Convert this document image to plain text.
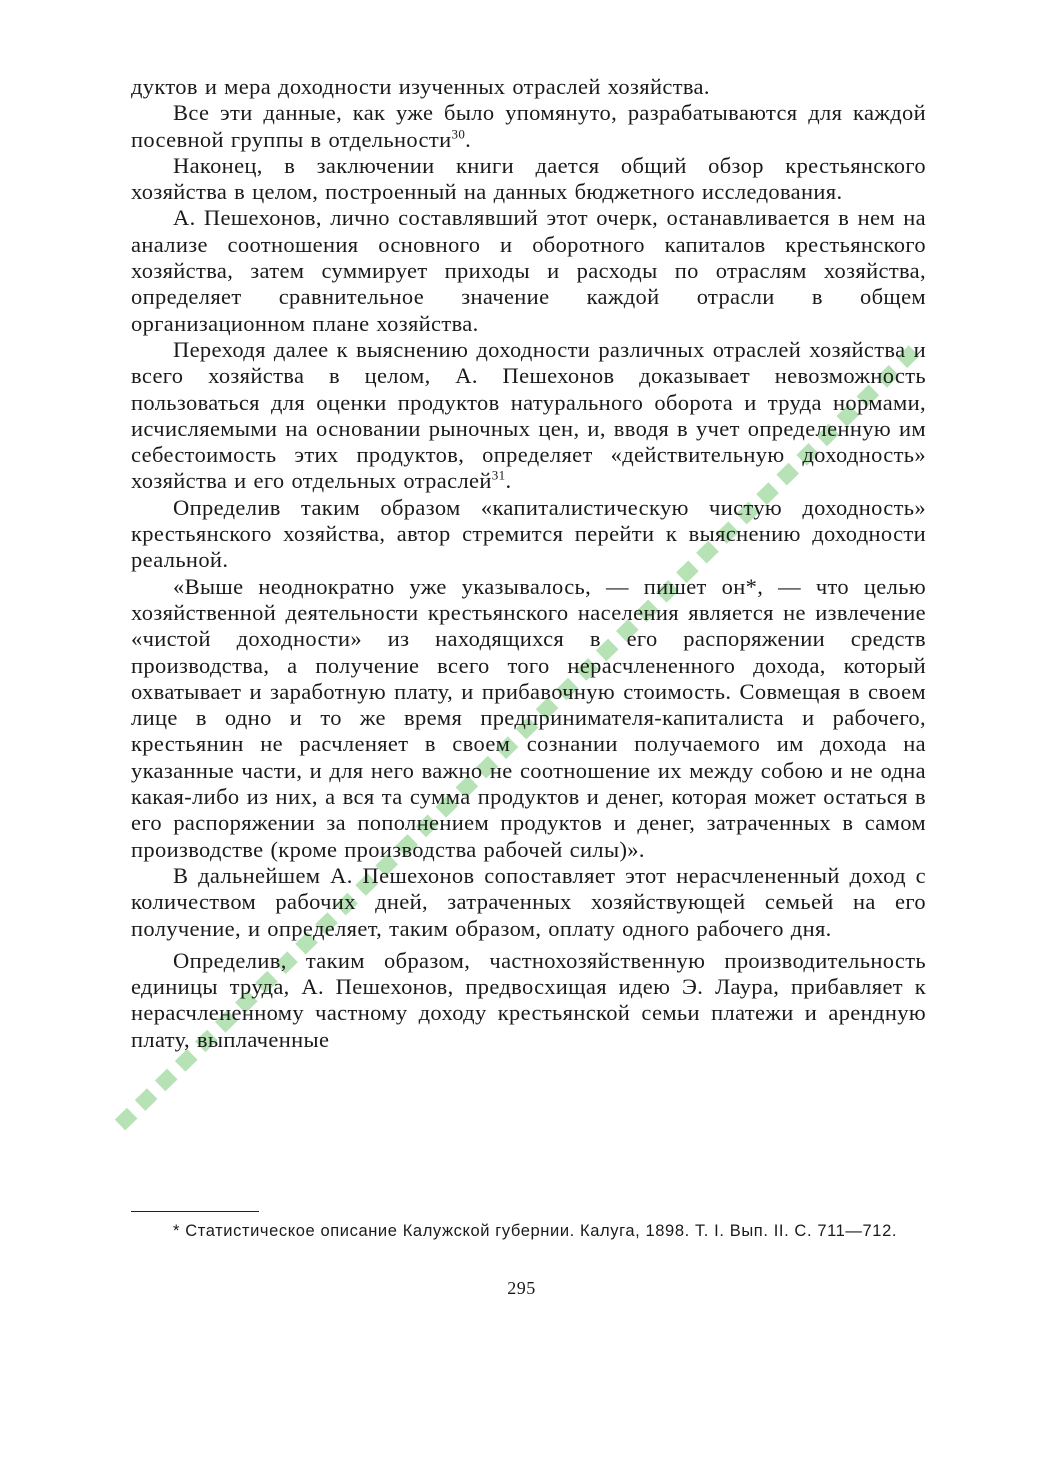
дуктов и мера доходности изученных отраслей хозяйства.

Все эти данные, как уже было упомянуто, разрабатываются для каждой посевной группы в отдельности$^{30}$.

Наконец, в заключении книги дается общий обзор крестьянского хозяйства в целом, построенный на данных бюджетного исследования.

А. Пешехонов, лично составлявший этот очерк, останавливается в нем на анализе соотношения основного и оборотного капиталов крестьянского хозяйства, затем суммирует приходы и расходы по отраслям хозяйства, определяет сравнительное значение каждой отрасли в общем организационном плане хозяйства.

Переходя далее к выяснению доходности различных отраслей хозяйства и всего хозяйства в целом, А. Пешехонов доказывает невозможность пользоваться для оценки продуктов натурального оборота и труда нормами, исчисляемыми на основании рыночных цен, и, вводя в учет определенную им себестоимость этих продуктов, определяет «действительную доходность» хозяйства и его отдельных отраслей$^{31}$.

Определив таким образом «капиталистическую чистую доходность» крестьянского хозяйства, автор стремится перейти к выяснению доходности реальной.

«Выше неоднократно уже указывалось, — пишет он*, — что целью хозяйственной деятельности крестьянского населения является не извлечение «чистой доходности» из находящихся в его распоряжении средств производства, а получение всего того нерасчлененного дохода, который охватывает и заработную плату, и прибавочную стоимость. Совмещая в своем лице в одно и то же время предпринимателя-капиталиста и рабочего, крестьянин не расчленяет в своем сознании получаемого им дохода на указанные части, и для него важно не соотношение их между собою и не одна какая-либо из них, а вся та сумма продуктов и денег, которая может остаться в его распоряжении за пополнением продуктов и денег, затраченных в самом производстве (кроме производства рабочей силы)».

В дальнейшем А. Пешехонов сопоставляет этот нерасчлененный доход с количеством рабочих дней, затраченных хозяйствующей семьей на его получение, и определяет, таким образом, оплату одного рабочего дня.

Определив, таким образом, частнохозяйственную производительность единицы труда, А. Пешехонов, предвосхищая идею Э. Лаура, прибавляет к нерасчлененному частному доходу крестьянской семьи платежи и арендную плату, выплаченные

* Статистическое описание Калужской губернии. Калуга, 1898. Т. I. Вып. II. С. 711—712.
295
